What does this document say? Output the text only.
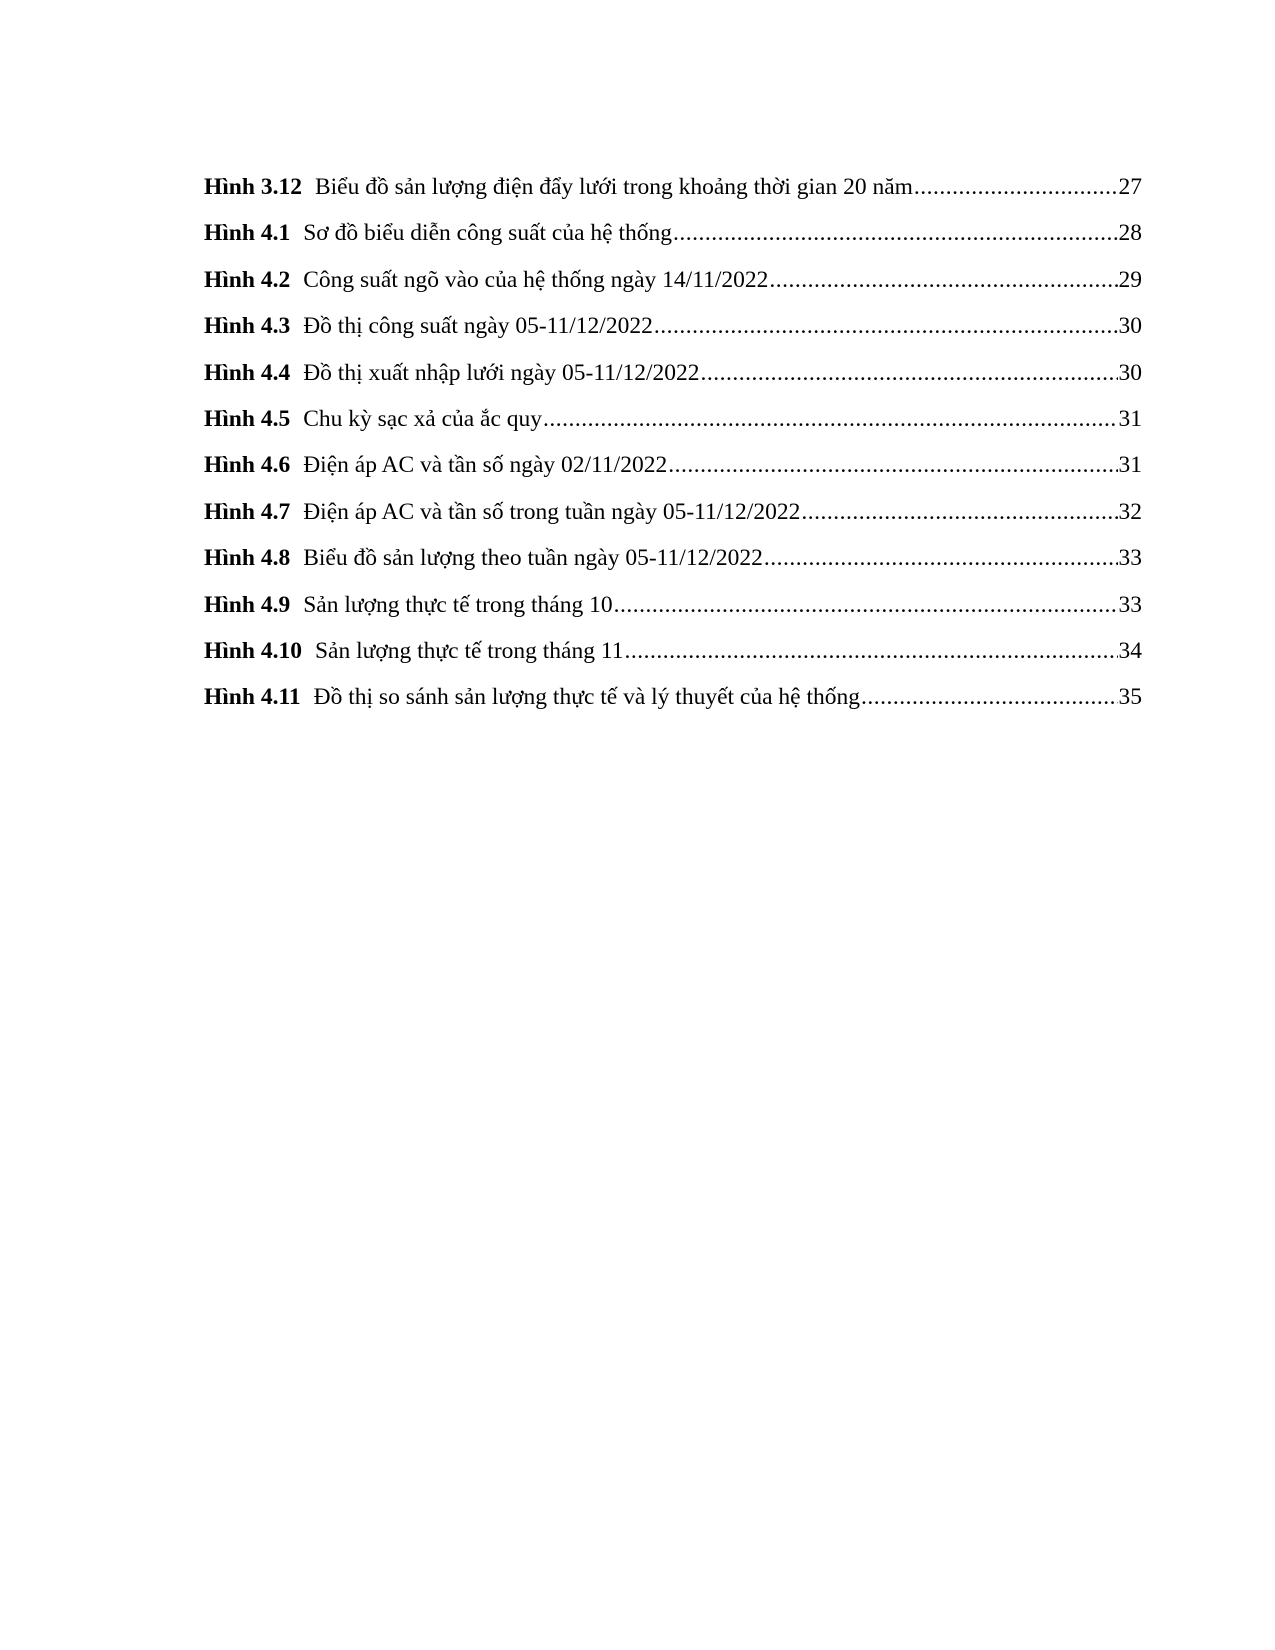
Hình 3.12 Biểu đồ sản lượng điện đẩy lưới trong khoảng thời gian 20 năm .....	27
Hình 4.1 Sơ đồ biểu diễn công suất của hệ thống .....	28
Hình 4.2 Công suất ngõ vào của hệ thống ngày 14/11/2022 .....	29
Hình 4.3 Đồ thị công suất ngày 05-11/12/2022 .....	30
Hình 4.4 Đồ thị xuất nhập lưới ngày 05-11/12/2022 .....	30
Hình 4.5 Chu kỳ sạc xả của ắc quy .....	31
Hình 4.6 Điện áp AC và tần số ngày 02/11/2022 .....	31
Hình 4.7 Điện áp AC và tần số trong tuần ngày 05-11/12/2022 .....	32
Hình 4.8 Biểu đồ sản lượng theo tuần ngày 05-11/12/2022 .....	33
Hình 4.9 Sản lượng thực tế trong tháng 10 .....	33
Hình 4.10 Sản lượng thực tế trong tháng 11 .....	34
Hình 4.11 Đồ thị so sánh sản lượng thực tế và lý thuyết của hệ thống .....	35
